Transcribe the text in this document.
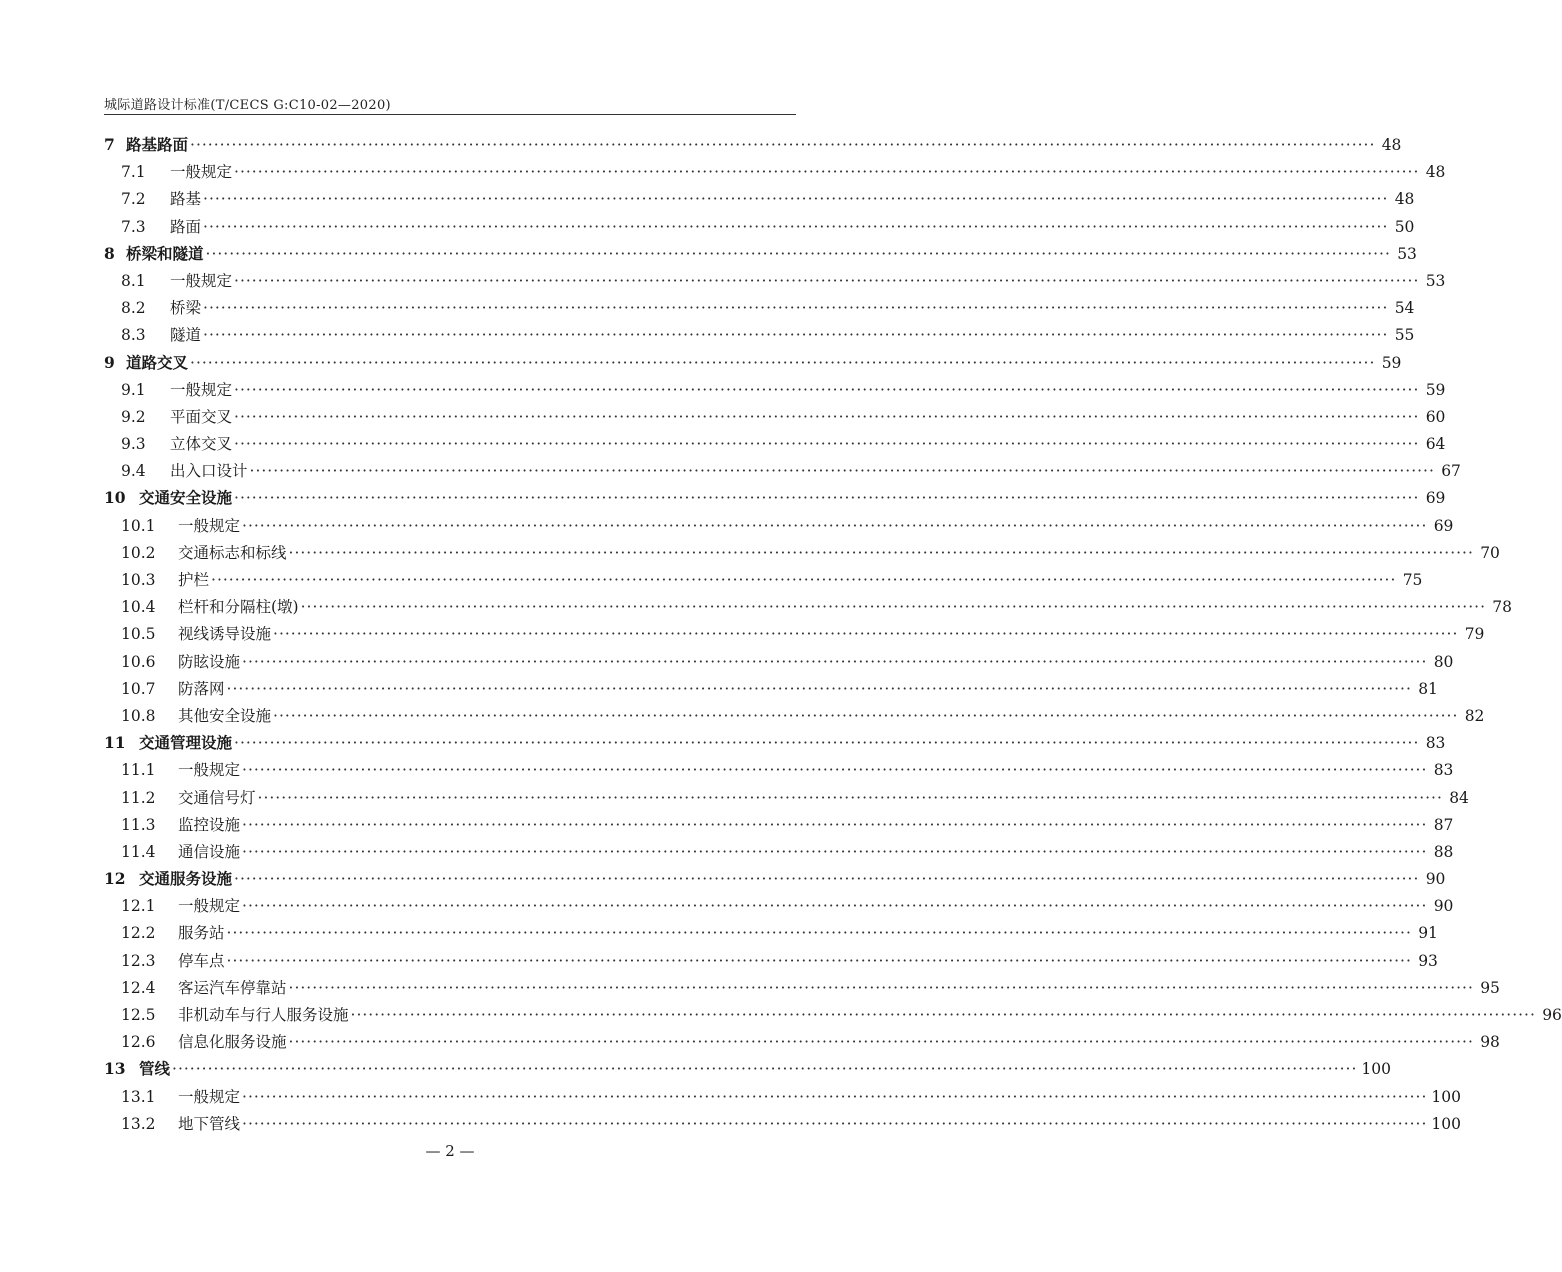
城际道路设计标准(T/CECS G:C10-02—2020)
7 路基路面 ········································································································································································································ 48
7.1	一般规定 ········································································································································································································ 48
7.2	路基 ········································································································································································································ 48
7.3	路面 ········································································································································································································ 50
8 桥梁和隧道 ········································································································································································································ 53
8.1	一般规定 ········································································································································································································ 53
8.2	桥梁 ········································································································································································································ 54
8.3	隧道 ········································································································································································································ 55
9 道路交叉 ········································································································································································································ 59
9.1	一般规定 ········································································································································································································ 59
9.2	平面交叉 ········································································································································································································ 60
9.3	立体交叉 ········································································································································································································ 64
9.4	出入口设计 ········································································································································································································ 67
10 交通安全设施 ········································································································································································································ 69
10.1	一般规定 ········································································································································································································ 69
10.2	交通标志和标线 ········································································································································································································ 70
10.3	护栏 ········································································································································································································ 75
10.4	栏杆和分隔柱(墩) ········································································································································································································ 78
10.5	视线诱导设施 ········································································································································································································ 79
10.6	防眩设施 ········································································································································································································ 80
10.7	防落网 ········································································································································································································ 81
10.8	其他安全设施 ········································································································································································································ 82
11 交通管理设施 ········································································································································································································ 83
11.1	一般规定 ········································································································································································································ 83
11.2	交通信号灯 ········································································································································································································ 84
11.3	监控设施 ········································································································································································································ 87
11.4	通信设施 ········································································································································································································ 88
12 交通服务设施 ········································································································································································································ 90
12.1	一般规定 ········································································································································································································ 90
12.2	服务站 ········································································································································································································ 91
12.3	停车点 ········································································································································································································ 93
12.4	客运汽车停靠站 ········································································································································································································ 95
12.5	非机动车与行人服务设施 ········································································································································································································ 96
12.6	信息化服务设施 ········································································································································································································ 98
13 管线 ········································································································································································································ 100
13.1	一般规定 ········································································································································································································ 100
13.2	地下管线 ········································································································································································································ 100
— 2 —
